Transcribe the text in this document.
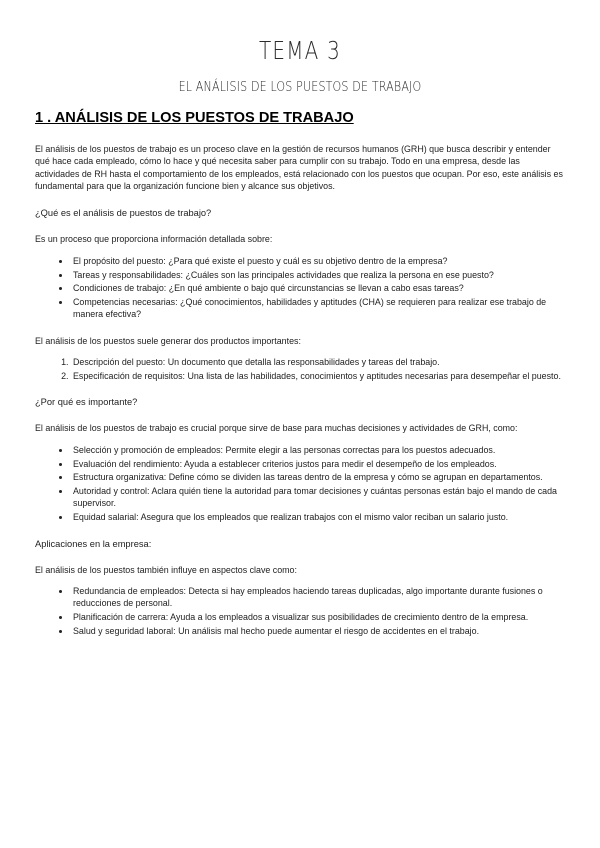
TEMA 3
EL ANÁLISIS DE LOS PUESTOS DE TRABAJO
1 . ANÁLISIS DE LOS PUESTOS DE TRABAJO

El análisis de los puestos de trabajo es un proceso clave en la gestión de recursos humanos (GRH) que busca describir y entender qué hace cada empleado, cómo lo hace y qué necesita saber para cumplir con su trabajo. Todo en una empresa, desde las actividades de RH hasta el comportamiento de los empleados, está relacionado con los puestos que ocupan. Por eso, este análisis es fundamental para que la organización funcione bien y alcance sus objetivos.

¿Qué es el análisis de puestos de trabajo?

Es un proceso que proporciona información detallada sobre:

• El propósito del puesto: ¿Para qué existe el puesto y cuál es su objetivo dentro de la empresa?
• Tareas y responsabilidades: ¿Cuáles son las principales actividades que realiza la persona en ese puesto?
• Condiciones de trabajo: ¿En qué ambiente o bajo qué circunstancias se llevan a cabo esas tareas?
• Competencias necesarias: ¿Qué conocimientos, habilidades y aptitudes (CHA) se requieren para realizar ese trabajo de manera efectiva?

El análisis de los puestos suele generar dos productos importantes:

1. Descripción del puesto: Un documento que detalla las responsabilidades y tareas del trabajo.
2. Especificación de requisitos: Una lista de las habilidades, conocimientos y aptitudes necesarias para desempeñar el puesto.

¿Por qué es importante?

El análisis de los puestos de trabajo es crucial porque sirve de base para muchas decisiones y actividades de GRH, como:

• Selección y promoción de empleados: Permite elegir a las personas correctas para los puestos adecuados.
• Evaluación del rendimiento: Ayuda a establecer criterios justos para medir el desempeño de los empleados.
• Estructura organizativa: Define cómo se dividen las tareas dentro de la empresa y cómo se agrupan en departamentos.
• Autoridad y control: Aclara quién tiene la autoridad para tomar decisiones y cuántas personas están bajo el mando de cada supervisor.
• Equidad salarial: Asegura que los empleados que realizan trabajos con el mismo valor reciban un salario justo.

Aplicaciones en la empresa:

El análisis de los puestos también influye en aspectos clave como:

• Redundancia de empleados: Detecta si hay empleados haciendo tareas duplicadas, algo importante durante fusiones o reducciones de personal.
• Planificación de carrera: Ayuda a los empleados a visualizar sus posibilidades de crecimiento dentro de la empresa.
• Salud y seguridad laboral: Un análisis mal hecho puede aumentar el riesgo de accidentes en el trabajo.
